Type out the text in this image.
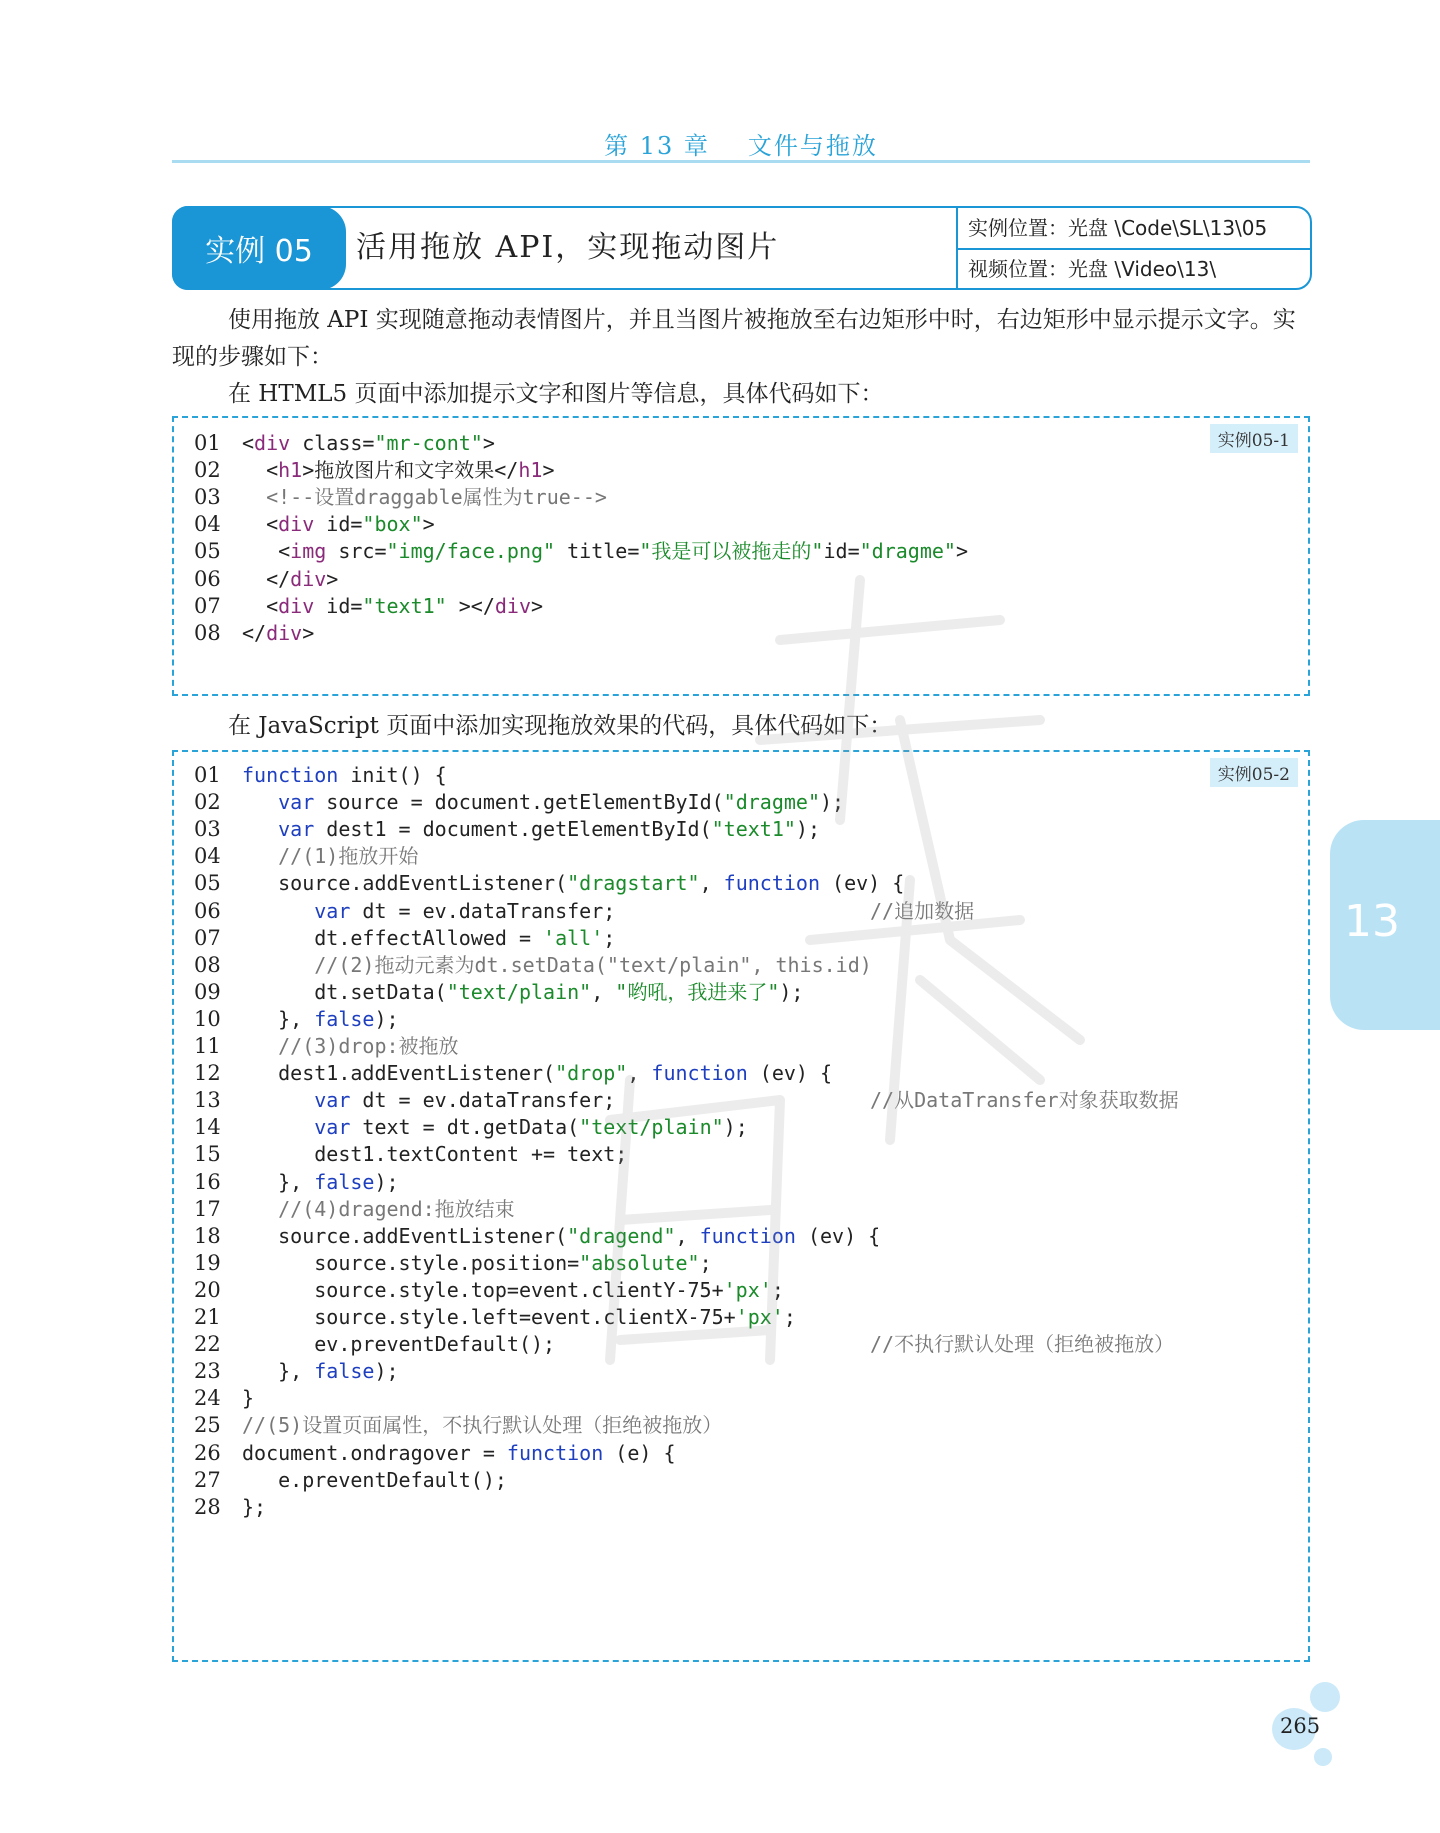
第 13 章 文件与拖放
实例 05	活用拖放 API，实现拖动图片
实例位置：光盘 \Code\SL\13\05
视频位置：光盘 \Video\13\
使用拖放 API 实现随意拖动表情图片，并且当图片被拖放至右边矩形中时，右边矩形中显示提示文字。实现的步骤如下：
在 HTML5 页面中添加提示文字和图片等信息，具体代码如下：
实例05-1
01	<div class="mr-cont">
02	<h1>拖放图片和文字效果</h1>
03	<!--设置draggable属性为true-->
04	<div id="box">
05	<img src="img/face.png" title="我是可以被拖走的"id="dragme">
06	</div>
07	<div id="text1" ></div>
08	</div>
在 JavaScript 页面中添加实现拖放效果的代码，具体代码如下：
实例05-2
01	function init() {
02	var source = document.getElementById("dragme");
03	var dest1 = document.getElementById("text1");
04	//(1)拖放开始
05	source.addEventListener("dragstart", function (ev) {
06	var dt = ev.dataTransfer;	//追加数据
07	dt.effectAllowed = 'all';
08	//(2)拖动元素为dt.setData("text/plain", this.id)
09	dt.setData("text/plain", "哟吼，我进来了");
10	}, false);
11	//(3)drop:被拖放
12	dest1.addEventListener("drop", function (ev) {
13	var dt = ev.dataTransfer;	//从DataTransfer对象获取数据
14	var text = dt.getData("text/plain");
15	dest1.textContent += text;
16	}, false);
17	//(4)dragend:拖放结束
18	source.addEventListener("dragend", function (ev) {
19	source.style.position="absolute";
20	source.style.top=event.clientY-75+'px';
21	source.style.left=event.clientX-75+'px';
22	ev.preventDefault();	//不执行默认处理（拒绝被拖放）
23	}, false);
24	}
25	//(5)设置页面属性，不执行默认处理（拒绝被拖放）
26	document.ondragover = function (e) {
27	e.preventDefault();
28	};
13
265
